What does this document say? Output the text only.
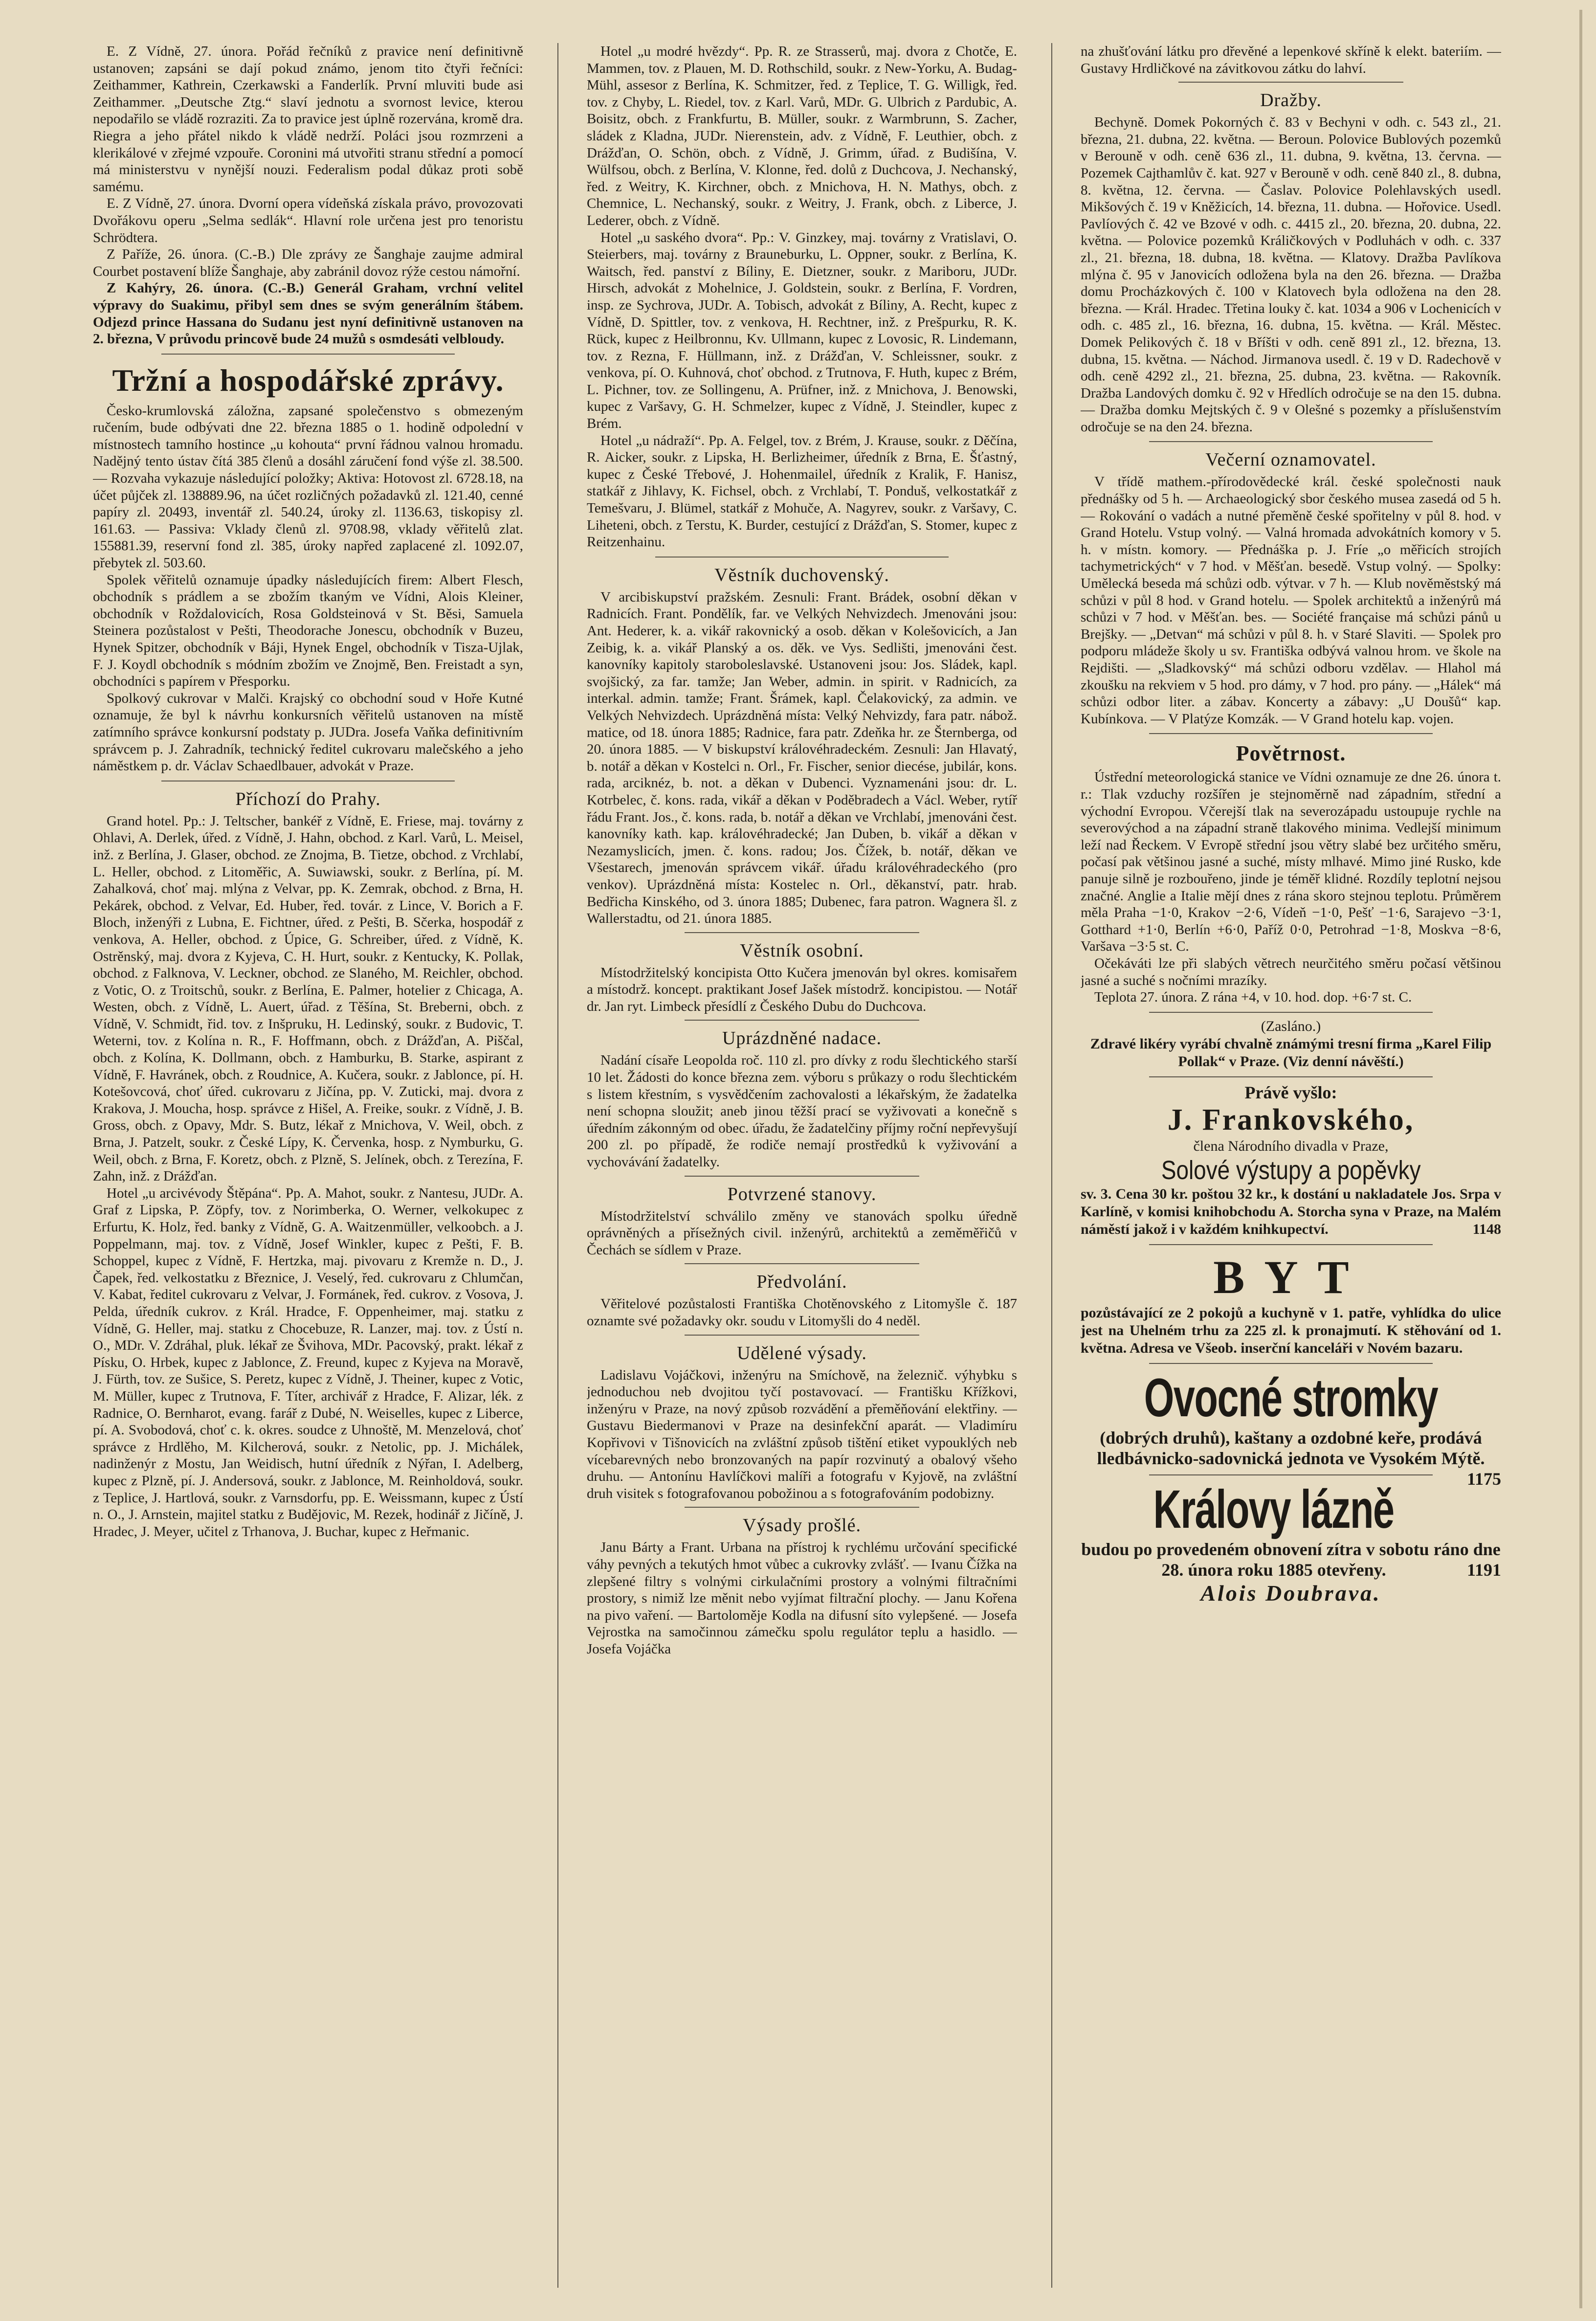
E. Z Vídně, 27. února. Pořád řečníků z pravice není definitivně ustanoven; zapsáni se dají pokud známo, jenom tito čtyři řečníci: Zeithammer, Kathrein, Czerkawski a Fanderlík. První mluviti bude asi Zeithammer. „Deutsche Ztg.“ slaví jednotu a svornost levice, kterou nepodařilo se vládě rozraziti. Za to pravice jest úplně rozervána, kromě dra. Riegra a jeho přátel nikdo k vládě nedrží. Poláci jsou rozmrzeni a klerikálové v zřejmé vzpouře. Coronini má utvořiti stranu střední a pomocí má ministerstvu v nynější nouzi. Federalism podal důkaz proti sobě samému.

E. Z Vídně, 27. února. Dvorní opera vídeňská získala právo, provozovati Dvořákovu operu „Selma sedlák“. Hlavní role určena jest pro tenoristu Schrödtera.

Z Paříže, 26. února. (C.-B.) Dle zprávy ze Šanghaje zaujme admiral Courbet postavení blíže Šanghaje, aby zabránil dovoz rýže cestou námořní.

Z Kahýry, 26. února. (C.-B.) Generál Graham, vrchní velitel výpravy do Suakimu, přibyl sem dnes se svým generálním štábem. Odjezd prince Hassana do Sudanu jest nyní definitivně ustanoven na 2. března, V průvodu princově bude 24 mužů s osmdesáti velbloudy.

Tržní a hospodářské zprávy.

Česko-krumlovská záložna, zapsané společenstvo s obmezeným ručením, bude odbývati dne 22. března 1885 o 1. hodině odpolední v místnostech tamního hostince „u kohouta“ první řádnou valnou hromadu. Nadějný tento ústav čítá 385 členů a dosáhl záručení fond výše zl. 38.500. — Rozvaha vykazuje následující položky; Aktiva: Hotovost zl. 6728.18, na účet půjček zl. 138889.96, na účet rozličných požadavků zl. 121.40, cenné papíry zl. 20493, inventář zl. 540.24, úroky zl. 1136.63, tiskopisy zl. 161.63. — Passiva: Vklady členů zl. 9708.98, vklady věřitelů zlat. 155881.39, reservní fond zl. 385, úroky napřed zaplacené zl. 1092.07, přebytek zl. 503.60.

Spolek věřitelů oznamuje úpadky následujících firem: Albert Flesch, obchodník s prádlem a se zbožím tkaným ve Vídni, Alois Kleiner, obchodník v Roždalovicích, Rosa Goldsteinová v St. Běsi, Samuela Steinera pozůstalost v Pešti, Theodorache Jonescu, obchodník v Buzeu, Hynek Spitzer, obchodník v Báji, Hynek Engel, obchodník v Tisza-Ujlak, F. J. Koydl obchodník s módním zbožím ve Znojmě, Ben. Freistadt a syn, obchodníci s papírem v Přesporku.

Spolkový cukrovar v Malči. Krajský co obchodní soud v Hoře Kutné oznamuje, že byl k návrhu konkursních věřitelů ustanoven na místě zatímního správce konkursní podstaty p. JUDra. Josefa Vaňka definitivním správcem p. J. Zahradník, technický ředitel cukrovaru malečského a jeho náměstkem p. dr. Václav Schaedlbauer, advokát v Praze.

Příchozí do Prahy.

Grand hotel. Pp.: J. Teltscher, bankéř z Vídně, E. Friese, maj. továrny z Ohlavi, A. Derlek, úřed. z Vídně, J. Hahn, obchod. z Karl. Varů, L. Meisel, inž. z Berlína, J. Glaser, obchod. ze Znojma, B. Tietze, obchod. z Vrchlabí, L. Heller, obchod. z Litoměřic, A. Suwiawski, soukr. z Berlína, pí. M. Zahalková, choť maj. mlýna z Velvar, pp. K. Zemrak, obchod. z Brna, H. Pekárek, obchod. z Velvar, Ed. Huber, řed. továr. z Lince, V. Borich a F. Bloch, inženýři z Lubna, E. Fichtner, úřed. z Pešti, B. Sčerka, hospodář z venkova, A. Heller, obchod. z Úpice, G. Schreiber, úřed. z Vídně, K. Ostrěnský, maj. dvora z Kyjeva, C. H. Hurt, soukr. z Kentucky, K. Pollak, obchod. z Falknova, V. Leckner, obchod. ze Slaného, M. Reichler, obchod. z Votic, O. z Troitschů, soukr. z Berlína, E. Palmer, hotelier z Chicaga, A. Westen, obch. z Vídně, L. Auert, úřad. z Těšína, St. Breberni, obch. z Vídně, V. Schmidt, řid. tov. z Inšpruku, H. Ledinský, soukr. z Budovic, T. Weterni, tov. z Kolína n. R., F. Hoffmann, obch. z Drážďan, A. Piščal, obch. z Kolína, K. Dollmann, obch. z Hamburku, B. Starke, aspirant z Vídně, F. Havránek, obch. z Roudnice, A. Kučera, soukr. z Jablonce, pí. H. Kotešovcová, choť úřed. cukrovaru z Jičína, pp. V. Zuticki, maj. dvora z Krakova, J. Moucha, hosp. správce z Hišel, A. Freike, soukr. z Vídně, J. B. Gross, obch. z Opavy, Mdr. S. Butz, lékař z Mnichova, V. Weil, obch. z Brna, J. Patzelt, soukr. z České Lípy, K. Červenka, hosp. z Nymburku, G. Weil, obch. z Brna, F. Koretz, obch. z Plzně, S. Jelínek, obch. z Terezína, F. Zahn, inž. z Drážďan.

Hotel „u arcivévody Štěpána“. Pp. A. Mahot, soukr. z Nantesu, JUDr. A. Graf z Lipska, P. Zöpfy, tov. z Norimberka, O. Werner, velkokupec z Erfurtu, K. Holz, řed. banky z Vídně, G. A. Waitzenmüller, velkoobch. a J. Poppelmann, maj. tov. z Vídně, Josef Winkler, kupec z Pešti, F. B. Schoppel, kupec z Vídně, F. Hertzka, maj. pivovaru z Kremže n. D., J. Čapek, řed. velkostatku z Březnice, J. Veselý, řed. cukrovaru z Chlumčan, V. Kabat, ředitel cukrovaru z Velvar, J. Formánek, řed. cukrov. z Vosova, J. Pelda, úředník cukrov. z Král. Hradce, F. Oppenheimer, maj. statku z Vídně, G. Heller, maj. statku z Chocebuze, R. Lanzer, maj. tov. z Ústí n. O., MDr. V. Zdráhal, pluk. lékař ze Švihova, MDr. Pacovský, prakt. lékař z Písku, O. Hrbek, kupec z Jablonce, Z. Freund, kupec z Kyjeva na Moravě, J. Fürth, tov. ze Sušice, S. Peretz, kupec z Vídně, J. Theiner, kupec z Votic, M. Müller, kupec z Trutnova, F. Títer, archivář z Hradce, F. Alizar, lék. z Radnice, O. Bernharot, evang. farář z Dubé, N. Weiselles, kupec z Liberce, pí. A. Svobodová, choť c. k. okres. soudce z Uhnoště, M. Menzelová, choť správce z Hrdlěho, M. Kilcherová, soukr. z Netolic, pp. J. Michálek, nadinženýr z Mostu, Jan Weidisch, hutní úředník z Nýřan, I. Adelberg, kupec z Plzně, pí. J. Andersová, soukr. z Jablonce, M. Reinholdová, soukr. z Teplice, J. Hartlová, soukr. z Varnsdorfu, pp. E. Weissmann, kupec z Ústí n. O., J. Arnstein, majitel statku z Budějovic, M. Rezek, hodinář z Jičíně, J. Hradec, J. Meyer, učitel z Trhanova, J. Buchar, kupec z Heřmanic.

Hotel „u modré hvězdy“. Pp. R. ze Strasserů, maj. dvora z Chotče, E. Mammen, tov. z Plauen, M. D. Rothschild, soukr. z New-Yorku, A. Budag-Mühl, assesor z Berlína, K. Schmitzer, řed. z Teplice, T. G. Willigk, řed. tov. z Chyby, L. Riedel, tov. z Karl. Varů, MDr. G. Ulbrich z Pardubic, A. Boisitz, obch. z Frankfurtu, B. Müller, soukr. z Warmbrunn, S. Zacher, sládek z Kladna, JUDr. Nierenstein, adv. z Vídně, F. Leuthier, obch. z Drážďan, O. Schön, obch. z Vídně, J. Grimm, úřad. z Budišína, V. Wülfsou, obch. z Berlína, V. Klonne, řed. dolů z Duchcova, J. Nechanský, řed. z Weitry, K. Kirchner, obch. z Mnichova, H. N. Mathys, obch. z Chemnice, L. Nechanský, soukr. z Weitry, J. Frank, obch. z Liberce, J. Lederer, obch. z Vídně.

Hotel „u saského dvora“. Pp.: V. Ginzkey, maj. továrny z Vratislavi, O. Steierbers, maj. továrny z Brauneburku, L. Oppner, soukr. z Berlína, K. Waitsch, řed. panství z Bíliny, E. Dietzner, soukr. z Mariboru, JUDr. Hirsch, advokát z Mohelnice, J. Goldstein, soukr. z Berlína, F. Vordren, insp. ze Sychrova, JUDr. A. Tobisch, advokát z Bíliny, A. Recht, kupec z Vídně, D. Spittler, tov. z venkova, H. Rechtner, inž. z Prešpurku, R. K. Rück, kupec z Heilbronnu, Kv. Ullmann, kupec z Lovosic, R. Lindemann, tov. z Rezna, F. Hüllmann, inž. z Drážďan, V. Schleissner, soukr. z venkova, pí. O. Kuhnová, choť obchod. z Trutnova, F. Huth, kupec z Brém, L. Pichner, tov. ze Sollingenu, A. Prüfner, inž. z Mnichova, J. Benowski, kupec z Varšavy, G. H. Schmelzer, kupec z Vídně, J. Steindler, kupec z Brém.

Hotel „u nádraží“. Pp. A. Felgel, tov. z Brém, J. Krause, soukr. z Děčína, R. Aicker, soukr. z Lipska, H. Berlizheimer, úředník z Brna, E. Šťastný, kupec z České Třebové, J. Hohenmailel, úředník z Kralik, F. Hanisz, statkář z Jihlavy, K. Fichsel, obch. z Vrchlabí, T. Ponduš, velkostatkář z Temešvaru, J. Blümel, statkář z Mohuče, A. Nagyrev, soukr. z Varšavy, C. Liheteni, obch. z Terstu, K. Burder, cestující z Drážďan, S. Stomer, kupec z Reitzenhainu.

Věstník duchovenský.

V arcibiskupství pražském. Zesnuli: Frant. Brádek, osobní děkan v Radnicích. Frant. Pondělík, far. ve Velkých Nehvizdech. Jmenováni jsou: Ant. Hederer, k. a. vikář rakovnický a osob. děkan v Kolešovicích, a Jan Zeibig, k. a. vikář Planský a os. děk. ve Vys. Sedlišti, jmenováni čest. kanovníky kapitoly staroboleslavské. Ustanoveni jsou: Jos. Sládek, kapl. svojšický, za far. tamže; Jan Weber, admin. in spirit. v Radnicích, za interkal. admin. tamže; Frant. Šrámek, kapl. Čelakovický, za admin. ve Velkých Nehvizdech. Uprázdněná místa: Velký Nehvizdy, fara patr. nábož. matice, od 18. února 1885; Radnice, fara patr. Zdeňka hr. ze Šternberga, od 20. února 1885. — V biskupství královéhradeckém. Zesnuli: Jan Hlavatý, b. notář a děkan v Kostelci n. Orl., Fr. Fischer, senior diecése, jubilár, kons. rada, arciknéz, b. not. a děkan v Dubenci. Vyznamenáni jsou: dr. L. Kotrbelec, č. kons. rada, vikář a děkan v Poděbradech a Václ. Weber, rytíř řádu Frant. Jos., č. kons. rada, b. notář a děkan ve Vrchlabí, jmenováni čest. kanovníky kath. kap. královéhradecké; Jan Duben, b. vikář a děkan v Nezamyslicích, jmen. č. kons. radou; Jos. Čížek, b. notář, děkan ve Všestarech, jmenován správcem vikář. úřadu královéhradeckého (pro venkov). Uprázdněná místa: Kostelec n. Orl., děkanství, patr. hrab. Bedřicha Kinského, od 3. února 1885; Dubenec, fara patron. Wagnera šl. z Wallerstadtu, od 21. února 1885.

Věstník osobní.

Místodržitelský koncipista Otto Kučera jmenován byl okres. komisařem a místodrž. koncept. praktikant Josef Jašek místodrž. koncipistou. — Notář dr. Jan ryt. Limbeck přesídlí z Českého Dubu do Duchcova.

Uprázdněné nadace.

Nadání císaře Leopolda roč. 110 zl. pro dívky z rodu šlechtického starší 10 let. Žádosti do konce března zem. výboru s průkazy o rodu šlechtickém s listem křestním, s vysvědčením zachovalosti a lékařským, že žadatelka není schopna sloužit; aneb jinou těžší prací se vyživovati a konečně s úředním zákonným od obec. úřadu, že žadatelčiny příjmy roční nepřevyšují 200 zl. po případě, že rodiče nemají prostředků k vyživování a vychovávání žadatelky.

Potvrzené stanovy.

Místodržitelství schválilo změny ve stanovách spolku úředně oprávněných a přísežných civil. inženýrů, architektů a zeměměřičů v Čechách se sídlem v Praze.

Předvolání.

Věřitelové pozůstalosti Františka Chotěnovského z Litomyšle č. 187 oznamte své požadavky okr. soudu v Litomyšli do 4 neděl.

Udělené výsady.

Ladislavu Vojáčkovi, inženýru na Smíchově, na železnič. výhybku s jednoduchou neb dvojitou tyčí postavovací. — Františku Křížkovi, inženýru v Praze, na nový způsob rozvádění a přeměňování elektřiny. — Gustavu Biedermanovi v Praze na desinfekční aparát. — Vladimíru Kopřivovi v Tišnovicích na zvláštní způsob tištění etiket vypouklých neb vícebarevných nebo bronzovaných na papír rozvinutý a obalový všeho druhu. — Antonínu Havlíčkovi malíři a fotografu v Kyjově, na zvláštní druh visitek s fotografovanou pobožinou a s fotografováním podobizny.

Výsady prošlé.

Janu Bárty a Frant. Urbana na přístroj k rychlému určování specifické váhy pevných a tekutých hmot vůbec a cukrovky zvlášť. — Ivanu Čížka na zlepšené filtry s volnými cirkulačními prostory a volnými filtračními prostory, s nimiž lze měnit nebo vyjímat filtrační plochy. — Janu Kořena na pivo vaření. — Bartoloměje Kodla na difusní síto vylepšené. — Josefa Vejrostka na samočinnou zámečku spolu regulátor teplu a hasidlo. — Josefa Vojáčka

na zhušťování látku pro dřevěné a lepenkové skříně k elekt. bateriím. — Gustavy Hrdličkové na závitkovou zátku do lahví.

Dražby.

Bechyně. Domek Pokorných č. 83 v Bechyni v odh. c. 543 zl., 21. března, 21. dubna, 22. května. — Beroun. Polovice Bublových pozemků v Berouně v odh. ceně 636 zl., 11. dubna, 9. května, 13. června. — Pozemek Cajthamlův č. kat. 927 v Berouně v odh. ceně 840 zl., 8. dubna, 8. května, 12. června. — Časlav. Polovice Polehlavských usedl. Mikšových č. 19 v Kněžicích, 14. března, 11. dubna. — Hořovice. Usedl. Pavlíových č. 42 ve Bzové v odh. c. 4415 zl., 20. března, 20. dubna, 22. května. — Polovice pozemků Králičkových v Podluhách v odh. c. 337 zl., 21. března, 18. dubna, 18. května. — Klatovy. Dražba Pavlíkova mlýna č. 95 v Janovicích odložena byla na den 26. března. — Dražba domu Procházkových č. 100 v Klatovech byla odložena na den 28. března. — Král. Hradec. Třetina louky č. kat. 1034 a 906 v Lochenicích v odh. c. 485 zl., 16. března, 16. dubna, 15. května. — Král. Městec. Domek Pelikových č. 18 v Bříšti v odh. ceně 891 zl., 12. března, 13. dubna, 15. května. — Náchod. Jirmanova usedl. č. 19 v D. Radechově v odh. ceně 4292 zl., 21. března, 25. dubna, 23. května. — Rakovník. Dražba Landových domku č. 92 v Hředlích odročuje se na den 15. dubna. — Dražba domku Mejtských č. 9 v Olešné s pozemky a příslušenstvím odročuje se na den 24. března.

Večerní oznamovatel.

V třídě mathem.-přírodovědecké král. české společnosti nauk přednášky od 5 h. — Archaeologický sbor českého musea zasedá od 5 h. — Rokování o vadách a nutné přeměně české spořitelny v půl 8. hod. v Grand Hotelu. Vstup volný. — Valná hromada advokátních komory v 5. h. v místn. komory. — Přednáška p. J. Fríe „o měřicích strojích tachymetrických“ v 7 hod. v Měšťan. besedě. Vstup volný. — Spolky: Umělecká beseda má schůzi odb. výtvar. v 7 h. — Klub nověměstský má schůzi v půl 8 hod. v Grand hotelu. — Spolek architektů a inženýrů má schůzi v 7 hod. v Měšťan. bes. — Société française má schůzi pánů u Brejšky. — „Detvan“ má schůzi v půl 8. h. v Staré Slaviti. — Spolek pro podporu mládeže školy u sv. Františka odbývá valnou hrom. ve škole na Rejdišti. — „Sladkovský“ má schůzi odboru vzdělav. — Hlahol má zkoušku na rekviem v 5 hod. pro dámy, v 7 hod. pro pány. — „Hálek“ má schůzi odbor liter. a zábav. Koncerty a zábavy: „U Doušů“ kap. Kubínkova. — V Platýze Komzák. — V Grand hotelu kap. vojen.

Povětrnost.

Ústřední meteorologická stanice ve Vídni oznamuje ze dne 26. února t. r.: Tlak vzduchy rozšířen je stejnoměrně nad západním, střední a východní Evropou. Včerejší tlak na severozápadu ustoupuje rychle na severovýchod a na západní straně tlakového minima. Vedlejší minimum leží nad Řeckem. V Evropě střední jsou větry slabé bez určitého směru, počasí pak většinou jasné a suché, místy mlhavé. Mimo jiné Rusko, kde panuje silně je rozbouřeno, jinde je téměř klidné. Rozdíly teplotní nejsou značné. Anglie a Italie mějí dnes z rána skoro stejnou teplotu. Průměrem měla Praha −1·0, Krakov −2·6, Vídeň −1·0, Pešť −1·6, Sarajevo −3·1, Gotthard +1·0, Berlín +6·0, Paříž 0·0, Petrohrad −1·8, Moskva −8·6, Varšava −3·5 st. C.

Očekáváti lze při slabých větrech neurčitého směru počasí většinou jasné a suché s nočními mrazíky.

Teplota 27. února. Z rána +4, v 10. hod. dop. +6·7 st. C.

(Zasláno.)
Zdravé likéry vyrábí chvalně známými tresní firma „Karel Filip Pollak“ v Praze. (Viz denní návěští.)
Právě vyšlo:
J. Frankovského,
člena Národního divadla v Praze,
Solové výstupy a popěvky
sv. 3. Cena 30 kr. poštou 32 kr., k dostání u nakladatele Jos. Srpa v Karlíně, v komisi knihobchodu A. Storcha syna v Praze, na Malém náměstí jakož i v každém knihkupectví.	1148
BYT
pozůstávající ze 2 pokojů a kuchyně v 1. patře, vyhlídka do ulice jest na Uhelném trhu za 225 zl. k pronajmutí. K stěhování od 1. května. Adresa ve Všeob. inserční kanceláři v Novém bazaru.
Ovocné stromky
(dobrých druhů), kaštany a ozdobné keře, prodává lledbávnicko-sadovnická jednota ve Vysokém Mýtě.
1175
Královy lázně
budou po provedeném obnovení zítra v sobotu ráno dne 28. února roku 1885 otevřeny.	1191
Alois Doubrava.
